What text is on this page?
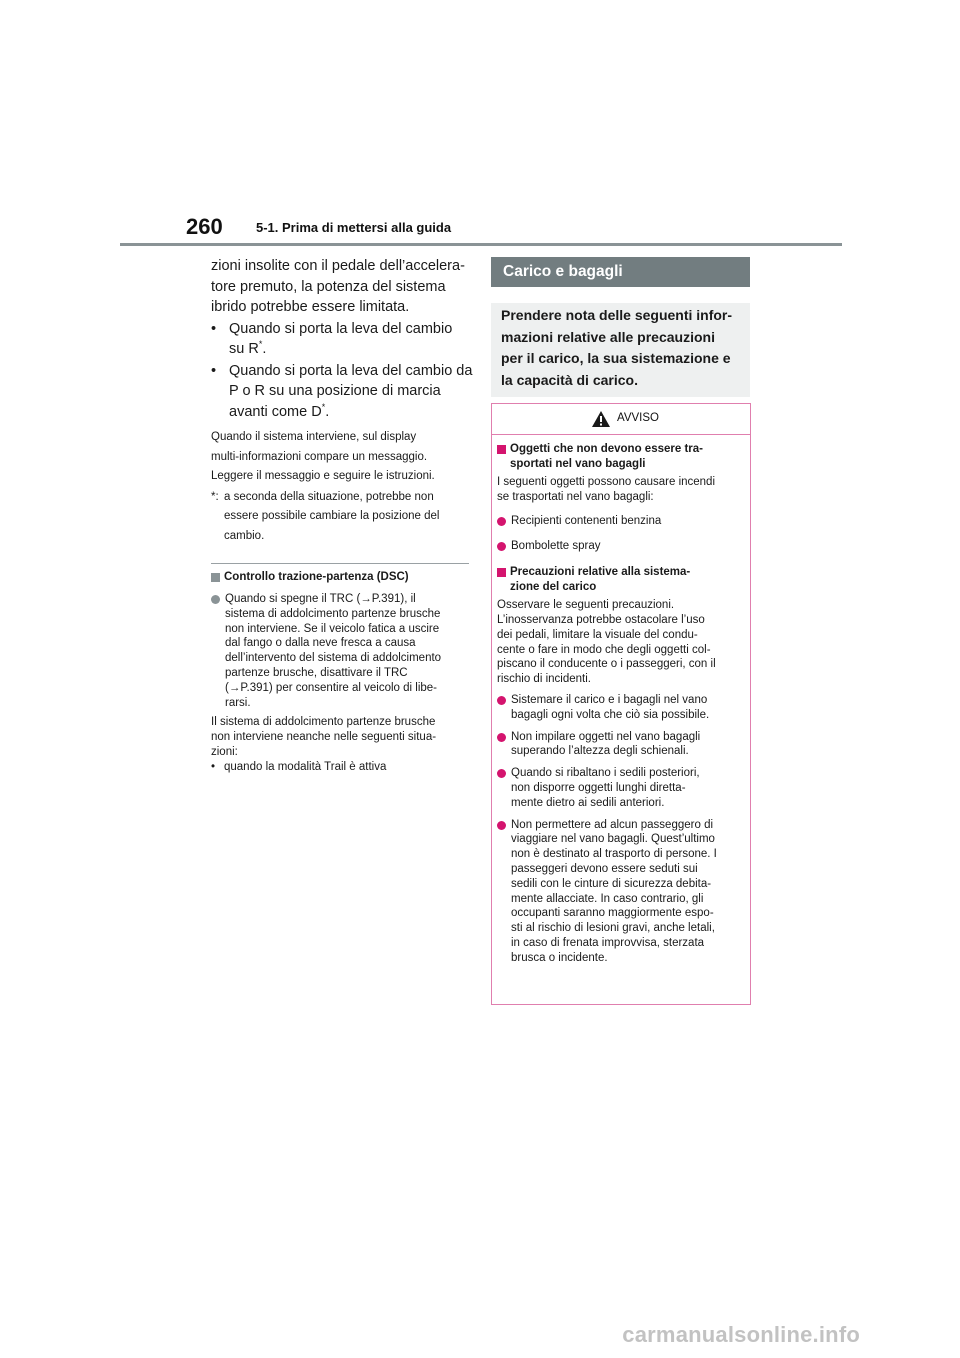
260	5-1. Prima di mettersi alla guida

zioni insolite con il pedale dell’accelera-
tore premuto, la potenza del sistema
ibrido potrebbe essere limitata.

• Quando si porta la leva del cambio su R*.

• Quando si porta la leva del cambio da P o R su una posizione di marcia avanti come D*.

Quando il sistema interviene, sul display
multi-informazioni compare un messaggio.
Leggere il messaggio e seguire le istruzioni.

*: a seconda della situazione, potrebbe non
essere possibile cambiare la posizione del
cambio.

Controllo trazione-partenza (DSC)

Quando si spegne il TRC (→P.391), il
sistema di addolcimento partenze brusche
non interviene. Se il veicolo fatica a uscire
dal fango o dalla neve fresca a causa
dell’intervento del sistema di addolcimento
partenze brusche, disattivare il TRC
(→P.391) per consentire al veicolo di libe-
rarsi.

Il sistema di addolcimento partenze brusche
non interviene neanche nelle seguenti situa-
zioni:

• quando la modalità Trail è attiva

Carico e bagagli

Prendere nota delle seguenti infor-
mazioni relative alle precauzioni
per il carico, la sua sistemazione e
la capacità di carico.

AVVISO

Oggetti che non devono essere tra-
sportati nel vano bagagli

I seguenti oggetti possono causare incendi
se trasportati nel vano bagagli:

Recipienti contenenti benzina

Bombolette spray

Precauzioni relative alla sistema-
zione del carico

Osservare le seguenti precauzioni.
L’inosservanza potrebbe ostacolare l’uso
dei pedali, limitare la visuale del condu-
cente o fare in modo che degli oggetti col-
piscano il conducente o i passeggeri, con il
rischio di incidenti.

Sistemare il carico e i bagagli nel vano
bagagli ogni volta che ciò sia possibile.

Non impilare oggetti nel vano bagagli
superando l’altezza degli schienali.

Quando si ribaltano i sedili posteriori,
non disporre oggetti lunghi diretta-
mente dietro ai sedili anteriori.

Non permettere ad alcun passeggero di
viaggiare nel vano bagagli. Quest’ultimo
non è destinato al trasporto di persone. I
passeggeri devono essere seduti sui
sedili con le cinture di sicurezza debita-
mente allacciate. In caso contrario, gli
occupanti saranno maggiormente espo-
sti al rischio di lesioni gravi, anche letali,
in caso di frenata improvvisa, sterzata
brusca o incidente.

carmanualsonline.info
